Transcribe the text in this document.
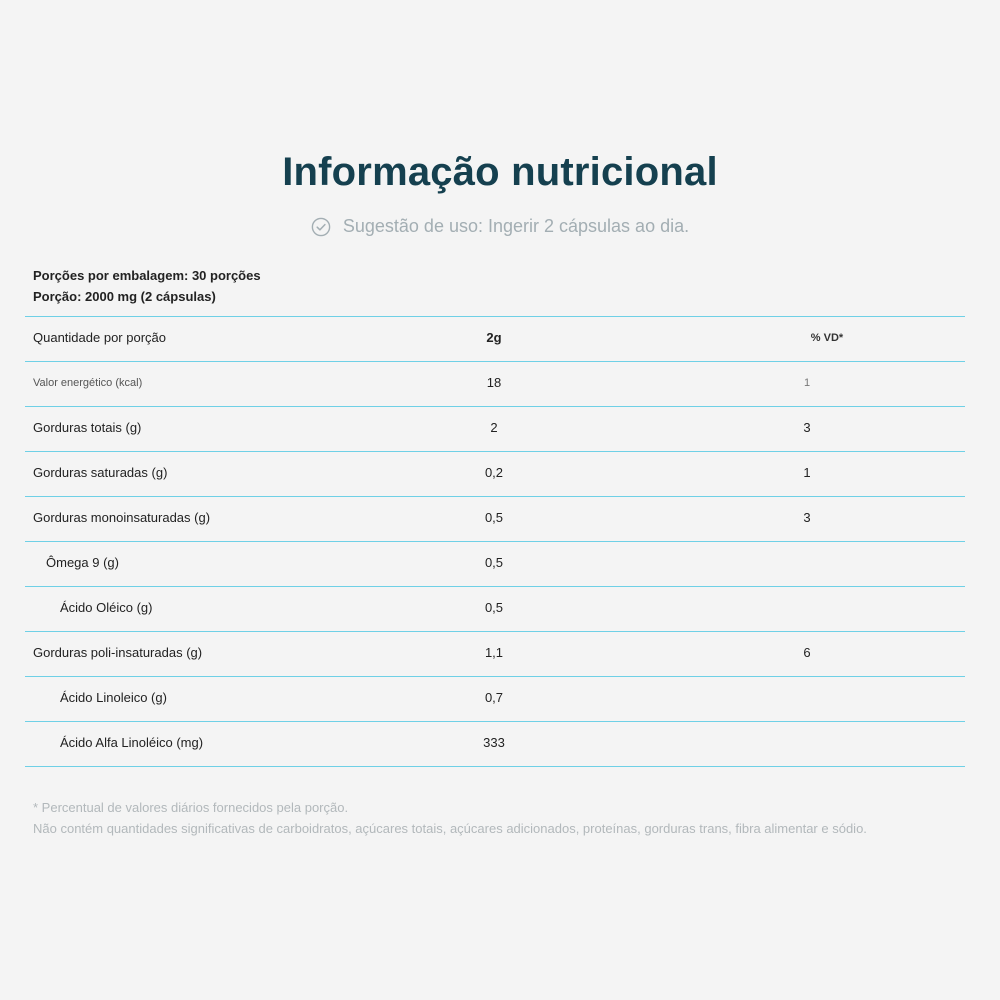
Informação nutricional
Sugestão de uso: Ingerir 2 cápsulas ao dia.
Porções por embalagem: 30 porções
Porção: 2000 mg (2 cápsulas)
Quantidade por porção	2g	% VD*
Valor energético (kcal)	18	1
Gorduras totais (g)	2	3
Gorduras saturadas (g)	0,2	1
Gorduras monoinsaturadas (g)	0,5	3
Ômega 9 (g)	0,5
Ácido Oléico (g)	0,5
Gorduras poli-insaturadas (g)	1,1	6
Ácido Linoleico (g)	0,7
Ácido Alfa Linoléico (mg)	333
* Percentual de valores diários fornecidos pela porção.
Não contém quantidades significativas de carboidratos, açúcares totais, açúcares adicionados, proteínas, gorduras trans, fibra alimentar e sódio.
